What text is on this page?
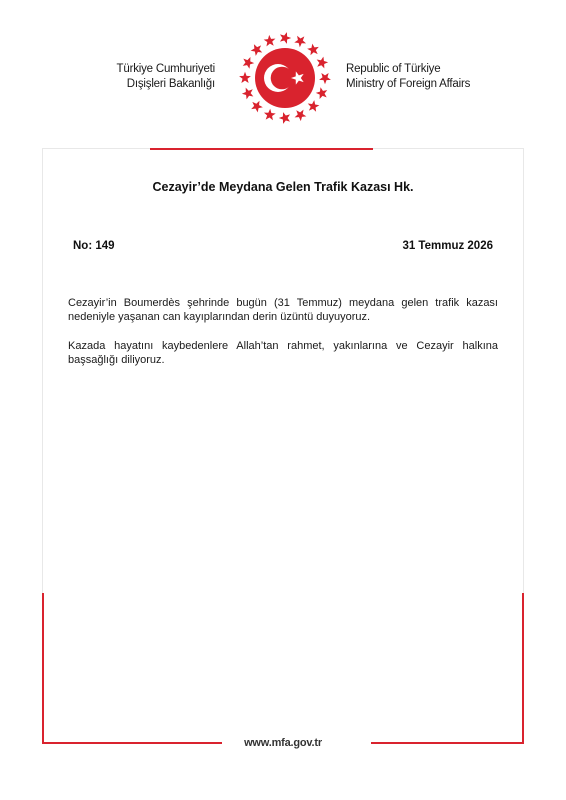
Türkiye Cumhuriyeti
Dışişleri Bakanlığı
Republic of Türkiye
Ministry of Foreign Affairs
Cezayir’de Meydana Gelen Trafik Kazası Hk.
No: 149	31 Temmuz 2026
Cezayir’in Boumerdès şehrinde bugün (31 Temmuz) meydana gelen trafik kazası nedeniyle yaşanan can kayıplarından derin üzüntü duyuyoruz.
Kazada hayatını kaybedenlere Allah’tan rahmet, yakınlarına ve Cezayir halkına başsağlığı diliyoruz.
www.mfa.gov.tr
